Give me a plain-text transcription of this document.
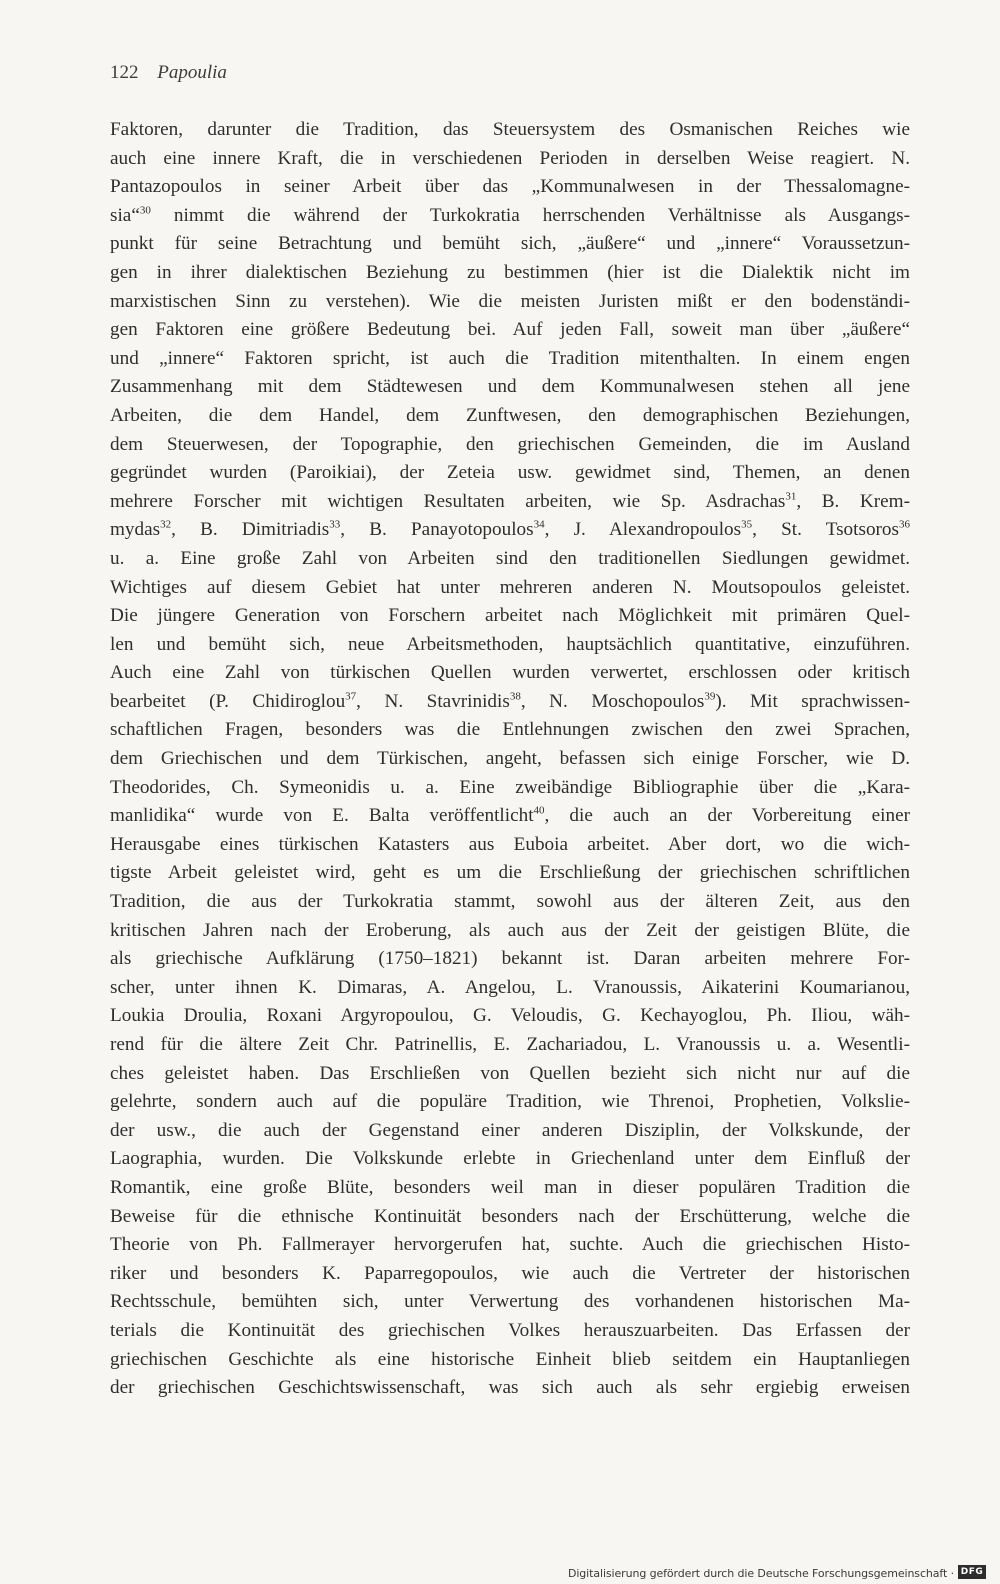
122 Papoulia
Faktoren, darunter die Tradition, das Steuersystem des Osmanischen Reiches wie
auch eine innere Kraft, die in verschiedenen Perioden in derselben Weise reagiert. N.
Pantazopoulos in seiner Arbeit über das „Kommunalwesen in der Thessalomagne-
sia“$^{30}$ nimmt die während der Turkokratia herrschenden Verhältnisse als Ausgangs-
punkt für seine Betrachtung und bemüht sich, „äußere“ und „innere“ Voraussetzun-
gen in ihrer dialektischen Beziehung zu bestimmen (hier ist die Dialektik nicht im
marxistischen Sinn zu verstehen). Wie die meisten Juristen mißt er den bodenständi-
gen Faktoren eine größere Bedeutung bei. Auf jeden Fall, soweit man über „äußere“
und „innere“ Faktoren spricht, ist auch die Tradition mitenthalten. In einem engen
Zusammenhang mit dem Städtewesen und dem Kommunalwesen stehen all jene
Arbeiten, die dem Handel, dem Zunftwesen, den demographischen Beziehungen,
dem Steuerwesen, der Topographie, den griechischen Gemeinden, die im Ausland
gegründet wurden (Paroikiai), der Zeteia usw. gewidmet sind, Themen, an denen
mehrere Forscher mit wichtigen Resultaten arbeiten, wie Sp. Asdrachas$^{31}$, B. Krem-
mydas$^{32}$, B. Dimitriadis$^{33}$, B. Panayotopoulos$^{34}$, J. Alexandropoulos$^{35}$, St. Tsotsoros$^{36}$
u. a. Eine große Zahl von Arbeiten sind den traditionellen Siedlungen gewidmet.
Wichtiges auf diesem Gebiet hat unter mehreren anderen N. Moutsopoulos geleistet.
Die jüngere Generation von Forschern arbeitet nach Möglichkeit mit primären Quel-
len und bemüht sich, neue Arbeitsmethoden, hauptsächlich quantitative, einzuführen.
Auch eine Zahl von türkischen Quellen wurden verwertet, erschlossen oder kritisch
bearbeitet (P. Chidiroglou$^{37}$, N. Stavrinidis$^{38}$, N. Moschopoulos$^{39}$). Mit sprachwissen-
schaftlichen Fragen, besonders was die Entlehnungen zwischen den zwei Sprachen,
dem Griechischen und dem Türkischen, angeht, befassen sich einige Forscher, wie D.
Theodorides, Ch. Symeonidis u. a. Eine zweibändige Bibliographie über die „Kara-
manlidika“ wurde von E. Balta veröffentlicht$^{40}$, die auch an der Vorbereitung einer
Herausgabe eines türkischen Katasters aus Euboia arbeitet. Aber dort, wo die wich-
tigste Arbeit geleistet wird, geht es um die Erschließung der griechischen schriftlichen
Tradition, die aus der Turkokratia stammt, sowohl aus der älteren Zeit, aus den
kritischen Jahren nach der Eroberung, als auch aus der Zeit der geistigen Blüte, die
als griechische Aufklärung (1750–1821) bekannt ist. Daran arbeiten mehrere For-
scher, unter ihnen K. Dimaras, A. Angelou, L. Vranoussis, Aikaterini Koumarianou,
Loukia Droulia, Roxani Argyropoulou, G. Veloudis, G. Kechayoglou, Ph. Iliou, wäh-
rend für die ältere Zeit Chr. Patrinellis, E. Zachariadou, L. Vranoussis u. a. Wesentli-
ches geleistet haben. Das Erschließen von Quellen bezieht sich nicht nur auf die
gelehrte, sondern auch auf die populäre Tradition, wie Threnoi, Prophetien, Volkslie-
der usw., die auch der Gegenstand einer anderen Disziplin, der Volkskunde, der
Laographia, wurden. Die Volkskunde erlebte in Griechenland unter dem Einfluß der
Romantik, eine große Blüte, besonders weil man in dieser populären Tradition die
Beweise für die ethnische Kontinuität besonders nach der Erschütterung, welche die
Theorie von Ph. Fallmerayer hervorgerufen hat, suchte. Auch die griechischen Histo-
riker und besonders K. Paparregopoulos, wie auch die Vertreter der historischen
Rechtsschule, bemühten sich, unter Verwertung des vorhandenen historischen Ma-
terials die Kontinuität des griechischen Volkes herauszuarbeiten. Das Erfassen der
griechischen Geschichte als eine historische Einheit blieb seitdem ein Hauptanliegen
der griechischen Geschichtswissenschaft, was sich auch als sehr ergiebig erweisen
Digitalisierung gefördert durch die Deutsche Forschungsgemeinschaft · DFG
